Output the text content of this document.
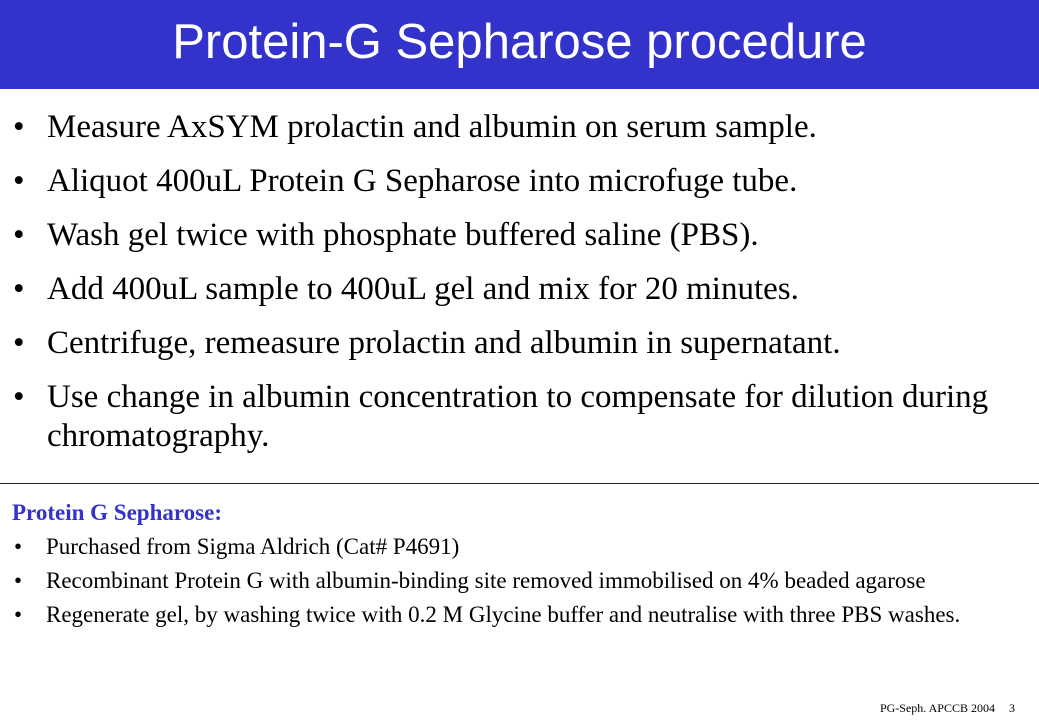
Protein-G Sepharose procedure
• Measure AxSYM prolactin and albumin on serum sample.
• Aliquot 400uL Protein G Sepharose into microfuge tube.
• Wash gel twice with phosphate buffered saline (PBS).
• Add 400uL sample to 400uL gel and mix for 20 minutes.
• Centrifuge, remeasure prolactin and albumin in supernatant.
• Use change in albumin concentration to compensate for dilution during chromatography.
Protein G Sepharose:
• Purchased from Sigma Aldrich (Cat# P4691)
• Recombinant Protein G with albumin-binding site removed immobilised on 4% beaded agarose
• Regenerate gel, by washing twice with 0.2 M Glycine buffer and neutralise with three PBS washes.
PG-Seph. APCCB 2004 3
